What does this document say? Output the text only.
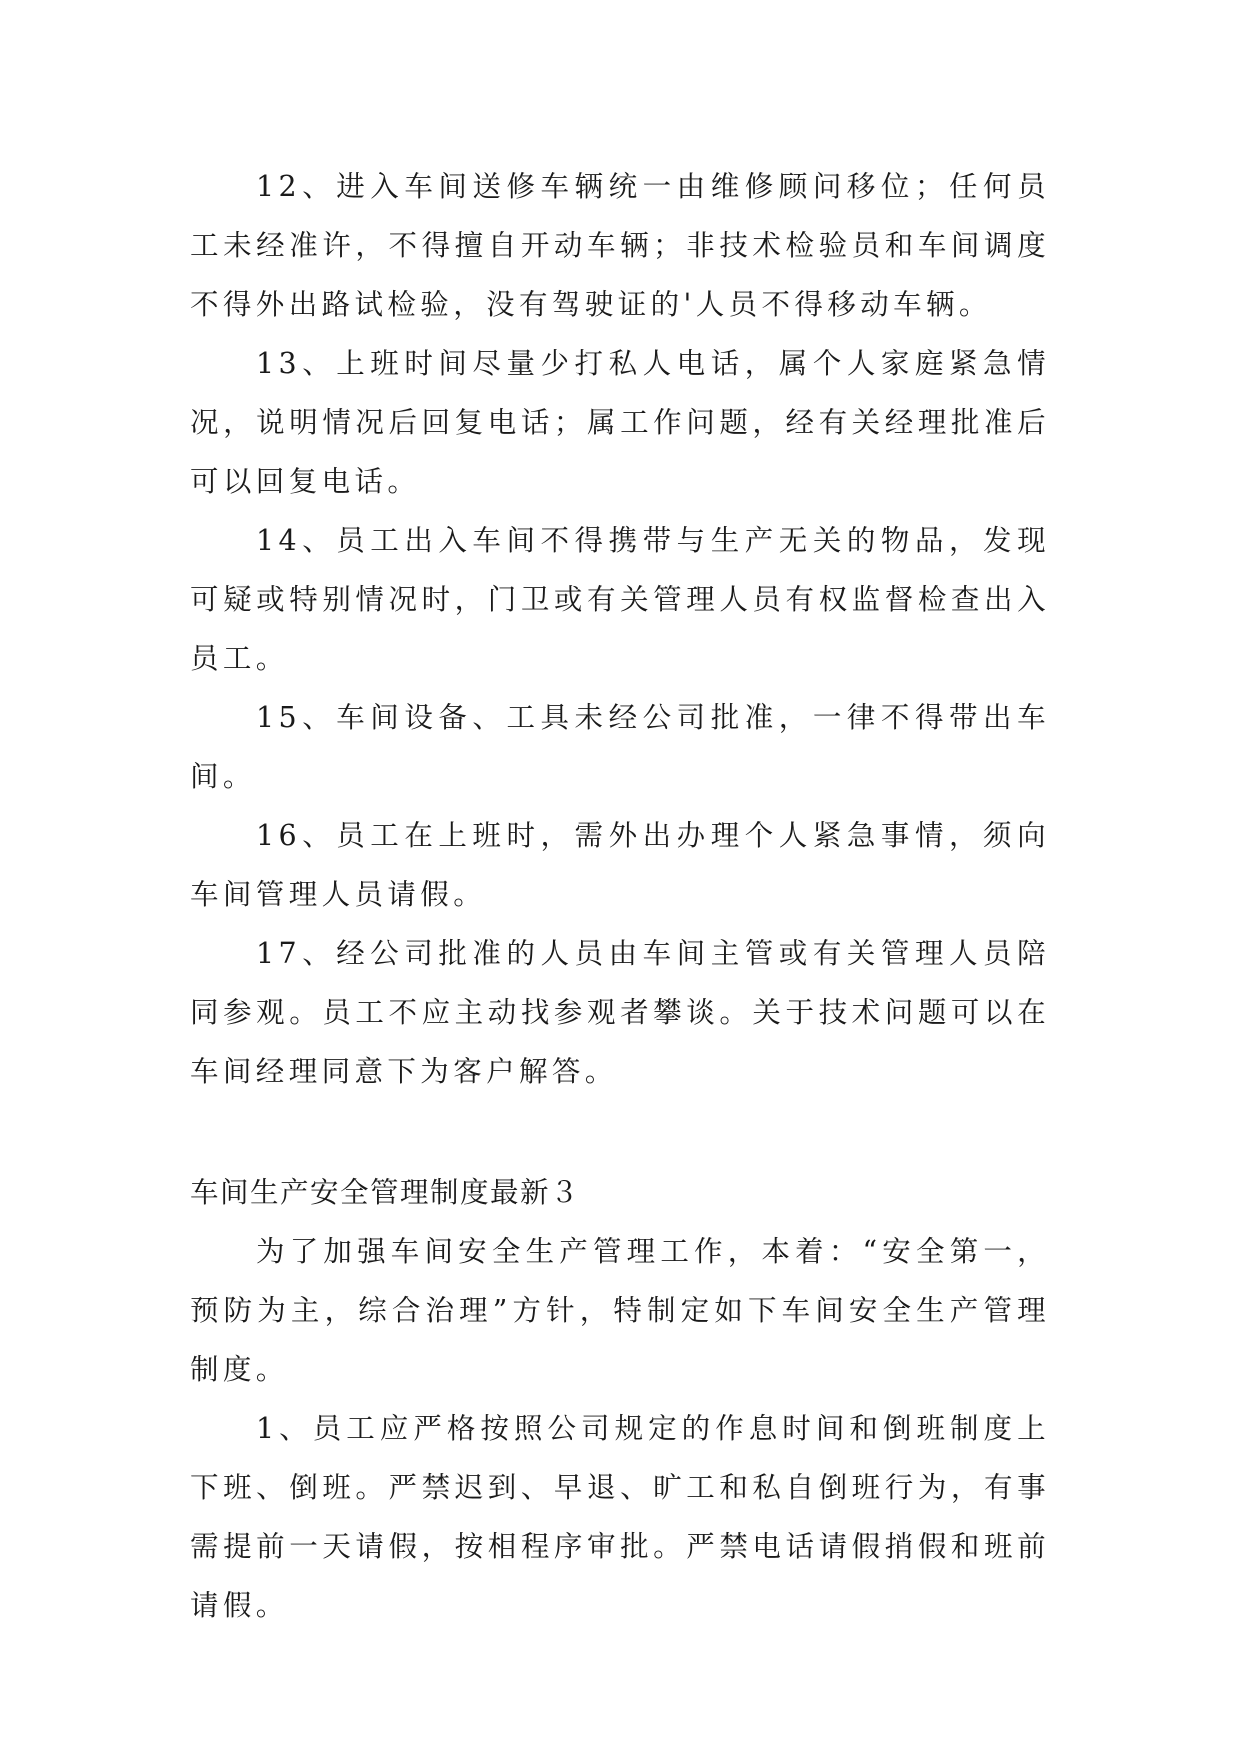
12、进入车间送修车辆统一由维修顾问移位；任何员工未经准许，不得擅自开动车辆；非技术检验员和车间调度不得外出路试检验，没有驾驶证的'人员不得移动车辆。

13、上班时间尽量少打私人电话，属个人家庭紧急情况，说明情况后回复电话；属工作问题，经有关经理批准后可以回复电话。

14、员工出入车间不得携带与生产无关的物品，发现可疑或特别情况时，门卫或有关管理人员有权监督检查出入员工。

15、车间设备、工具未经公司批准，一律不得带出车间。

16、员工在上班时，需外出办理个人紧急事情，须向车间管理人员请假。

17、经公司批准的人员由车间主管或有关管理人员陪同参观。员工不应主动找参观者攀谈。关于技术问题可以在车间经理同意下为客户解答。

车间生产安全管理制度最新３

为了加强车间安全生产管理工作，本着：“安全第一，预防为主，综合治理”方针，特制定如下车间安全生产管理制度。

1、员工应严格按照公司规定的作息时间和倒班制度上下班、倒班。严禁迟到、早退、旷工和私自倒班行为，有事需提前一天请假，按相程序审批。严禁电话请假捎假和班前请假。
